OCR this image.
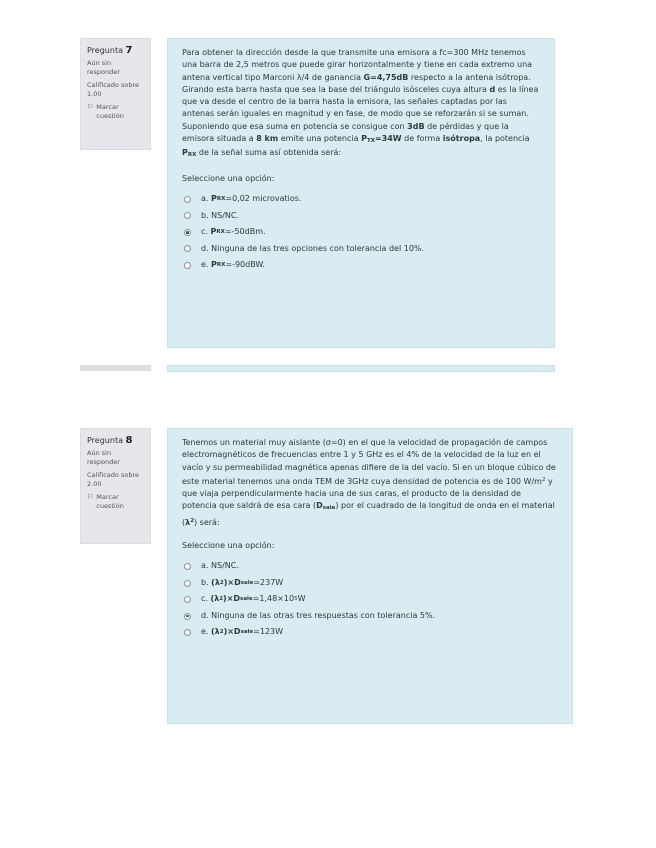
Pregunta 7
Aún sin responder
Calificado sobre 1.00
⚐ Marcar cuestión

Para obtener la dirección desde la que transmite una emisora a fc=300 MHz tenemos una barra de 2,5 metros que puede girar horizontalmente y tiene en cada extremo una antena vertical tipo Marconi λ/4 de ganancia G=4,75dB respecto a la antena isótropa. Girando esta barra hasta que sea la base del triángulo isósceles cuya altura d es la línea que va desde el centro de la barra hasta la emisora, las señales captadas por las antenas serán iguales en magnitud y en fase, de modo que se reforzarán si se suman. Suponiendo que esa suma en potencia se consigue con 3dB de pérdidas y que la emisora situada a 8 km emite una potencia PTX=34W de forma isótropa, la potencia PRX de la señal suma así obtenida será:

Seleccione una opción:

a.
P RX =0,02 microvatios.
b.
NS/NC.
c.
P RX =-50dBm.
d.
Ninguna de las tres opciones con tolerancia del 10%.
e.
P RX =-90dBW.
Pregunta 8
Aún sin responder
Calificado sobre 2.00
⚐ Marcar cuestión

Tenemos un material muy aislante (σ=0) en el que la velocidad de propagación de campos electromagnéticos de frecuencias entre 1 y 5 GHz es el 4% de la velocidad de la luz en el vacío y su permeabilidad magnética apenas difiere de la del vacío. Si en un bloque cúbico de este material tenemos una onda TEM de 3GHz cuya densidad de potencia es de 100 $W/m^2$ y que viaja perpendicularmente hacia una de sus caras, el producto de la densidad de potencia que saldrá de esa cara (Dsale) por el cuadrado de la longitud de onda en el material $(\lambda^2)$ será:

Seleccione una opción:

a.
NS/NC.
b.
(λ 2 )×D sale =237W
c.
(λ 2 )×D sale =1,48×10 5 W
d.
Ninguna de las otras tres respuestas con tolerancia 5%.
e.
(λ 2 )×D sale =123W
